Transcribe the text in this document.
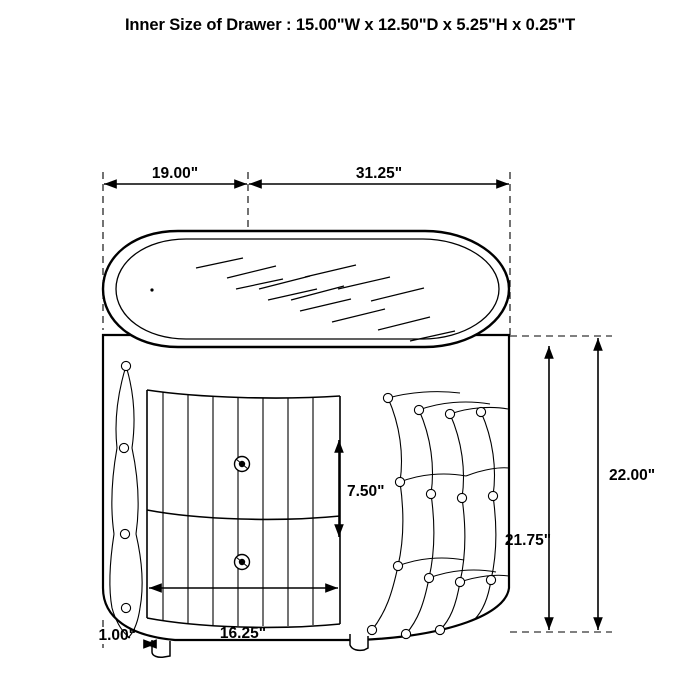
Inner Size of Drawer : 15.00"W x 12.50"D x 5.25"H x 0.25"T
19.00"	31.25"
7.50"
22.00"
21.75"
16.25"
1.00"
